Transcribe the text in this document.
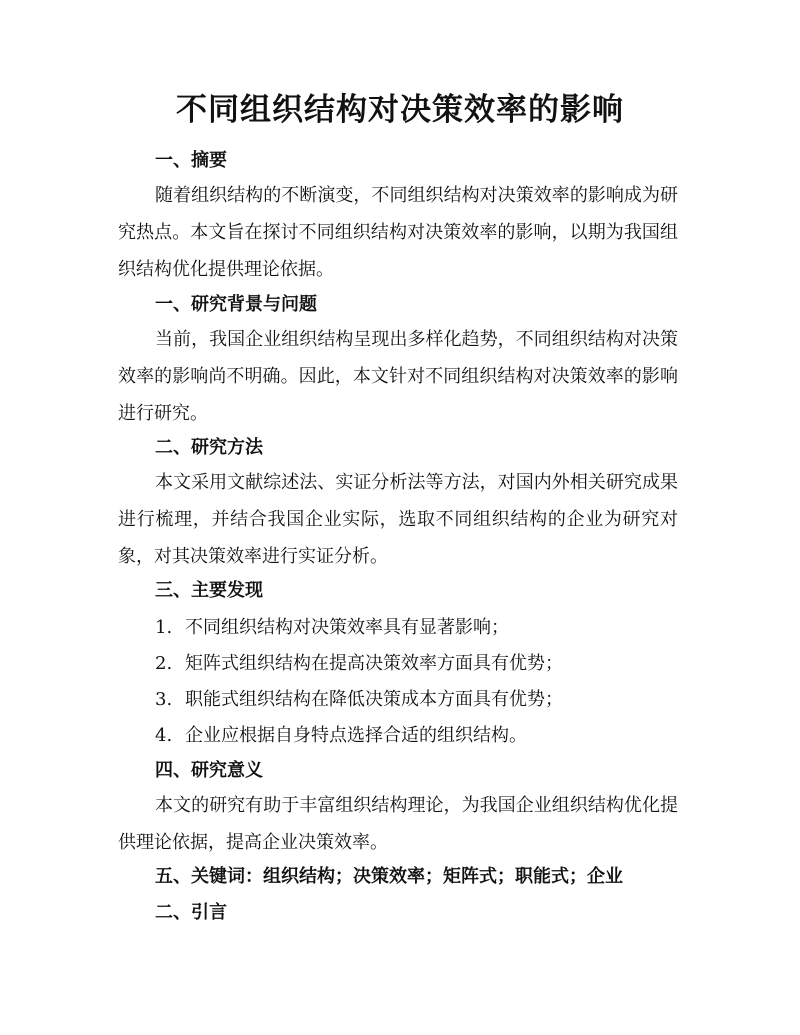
不同组织结构对决策效率的影响
一、摘要

随着组织结构的不断演变，不同组织结构对决策效率的影响成为研究热点。本文旨在探讨不同组织结构对决策效率的影响，以期为我国组织结构优化提供理论依据。

一、研究背景与问题

当前，我国企业组织结构呈现出多样化趋势，不同组织结构对决策效率的影响尚不明确。因此，本文针对不同组织结构对决策效率的影响进行研究。

二、研究方法

本文采用文献综述法、实证分析法等方法，对国内外相关研究成果进行梳理，并结合我国企业实际，选取不同组织结构的企业为研究对象，对其决策效率进行实证分析。

三、主要发现
1. 不同组织结构对决策效率具有显著影响；
2. 矩阵式组织结构在提高决策效率方面具有优势；
3. 职能式组织结构在降低决策成本方面具有优势；
4. 企业应根据自身特点选择合适的组织结构。
四、研究意义

本文的研究有助于丰富组织结构理论，为我国企业组织结构优化提供理论依据，提高企业决策效率。

五、关键词：组织结构；决策效率；矩阵式；职能式；企业
二、引言
